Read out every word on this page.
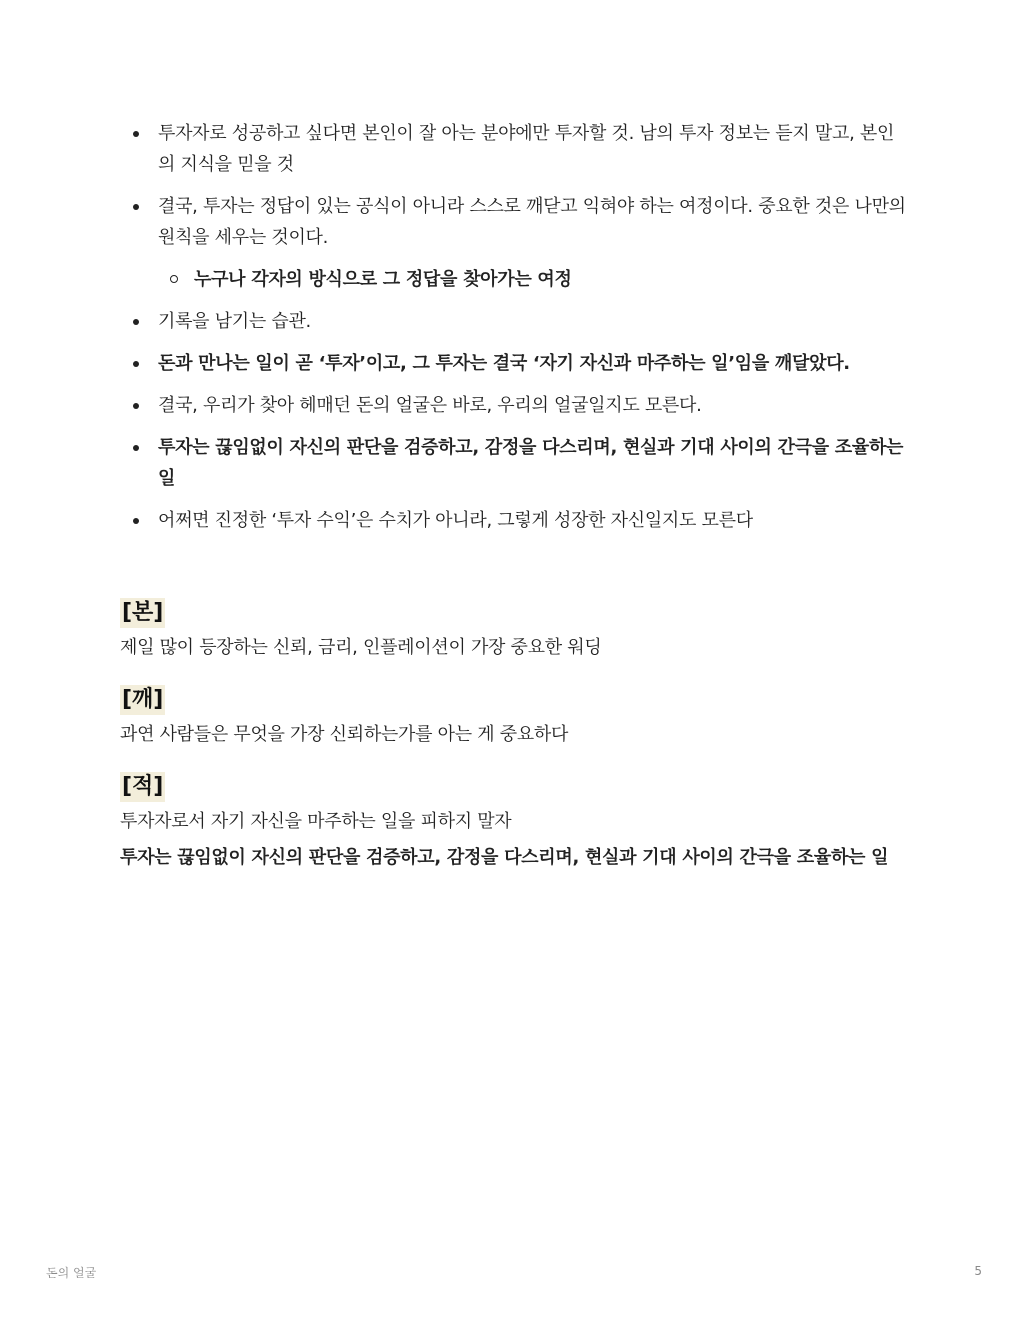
투자자로 성공하고 싶다면 본인이 잘 아는 분야에만 투자할 것. 남의 투자 정보는 듣지 말고, 본인의 지식을 믿을 것
결국, 투자는 정답이 있는 공식이 아니라 스스로 깨닫고 익혀야 하는 여정이다. 중요한 것은 나만의 원칙을 세우는 것이다.
누구나 각자의 방식으로 그 정답을 찾아가는 여정
기록을 남기는 습관.
돈과 만나는 일이 곧 ‘투자’이고, 그 투자는 결국 ‘자기 자신과 마주하는 일’임을 깨달았다.
결국, 우리가 찾아 헤매던 돈의 얼굴은 바로, 우리의 얼굴일지도 모른다.
투자는 끊임없이 자신의 판단을 검증하고, 감정을 다스리며, 현실과 기대 사이의 간극을 조율하는 일
어쩌면 진정한 ‘투자 수익’은 수치가 아니라, 그렇게 성장한 자신일지도 모른다
[본]

제일 많이 등장하는 신뢰, 금리, 인플레이션이 가장 중요한 워딩

[깨]

과연 사람들은 무엇을 가장 신뢰하는가를 아는 게 중요하다

[적]

투자자로서 자기 자신을 마주하는 일을 피하지 말자

투자는 끊임없이 자신의 판단을 검증하고, 감정을 다스리며, 현실과 기대 사이의 간극을 조율하는 일

돈의 얼굴	5
